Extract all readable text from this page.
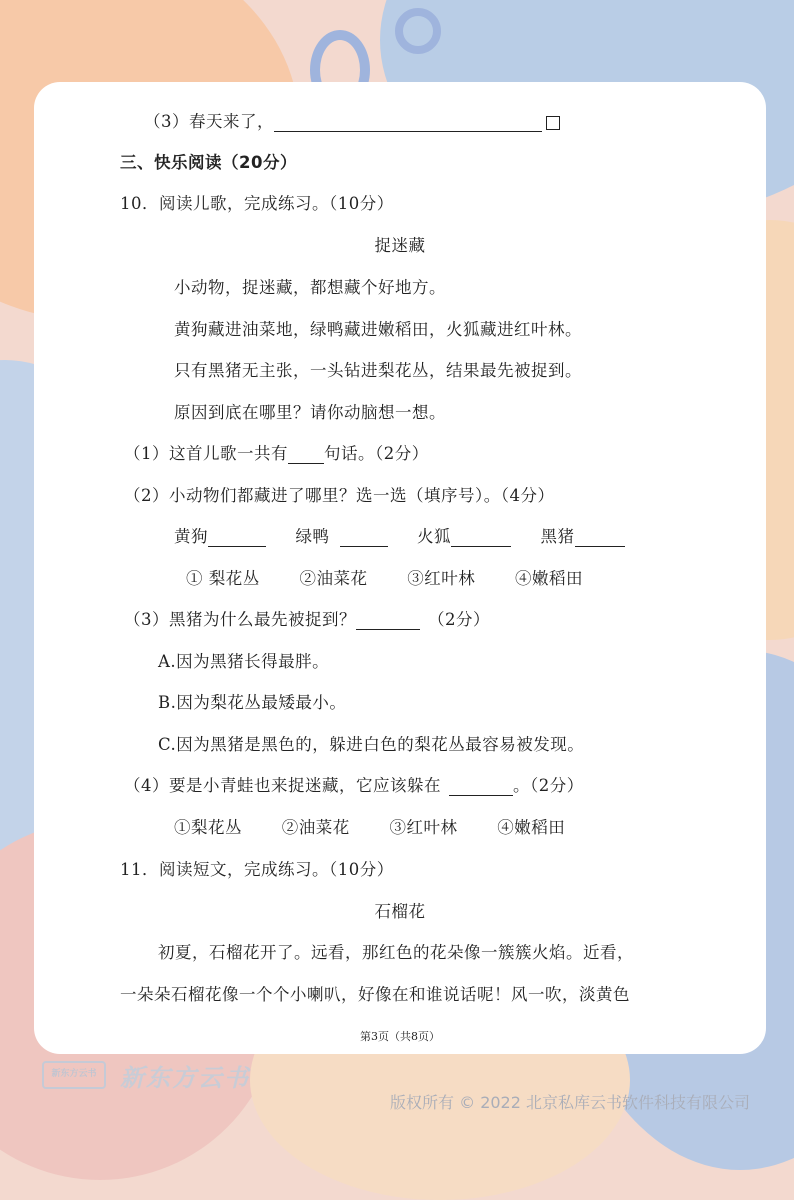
（3）春天来了，
三、快乐阅读（20分）
10．阅读儿歌，完成练习。（10分）
捉迷藏
小动物，捉迷藏，都想藏个好地方。
黄狗藏进油菜地，绿鸭藏进嫩稻田，火狐藏进红叶林。
只有黑猪无主张，一头钻进梨花丛，结果最先被捉到。
原因到底在哪里？请你动脑想一想。
（1）这首儿歌一共有 句话。（2分）
（2）小动物们都藏进了哪里？选一选（填序号）。（4分）
黄狗	绿鸭	火狐	黑猪
① 梨花丛 ②油菜花 ③红叶林 ④嫩稻田
（3）黑猪为什么最先被捉到？	（2分）
A.因为黑猪长得最胖。
B.因为梨花丛最矮最小。
C.因为黑猪是黑色的，躲进白色的梨花丛最容易被发现。
（4）要是小青蛙也来捉迷藏，它应该躲在	。（2分）
①梨花丛 ②油菜花 ③红叶林 ④嫩稻田
11．阅读短文，完成练习。（10分）
石榴花
初夏，石榴花开了。远看，那红色的花朵像一簇簇火焰。近看，
一朵朵石榴花像一个个小喇叭，好像在和谁说话呢！风一吹，淡黄色
第3页（共8页）
新东方云书 新东方云书
版权所有 © 2022 北京私库云书软件科技有限公司
